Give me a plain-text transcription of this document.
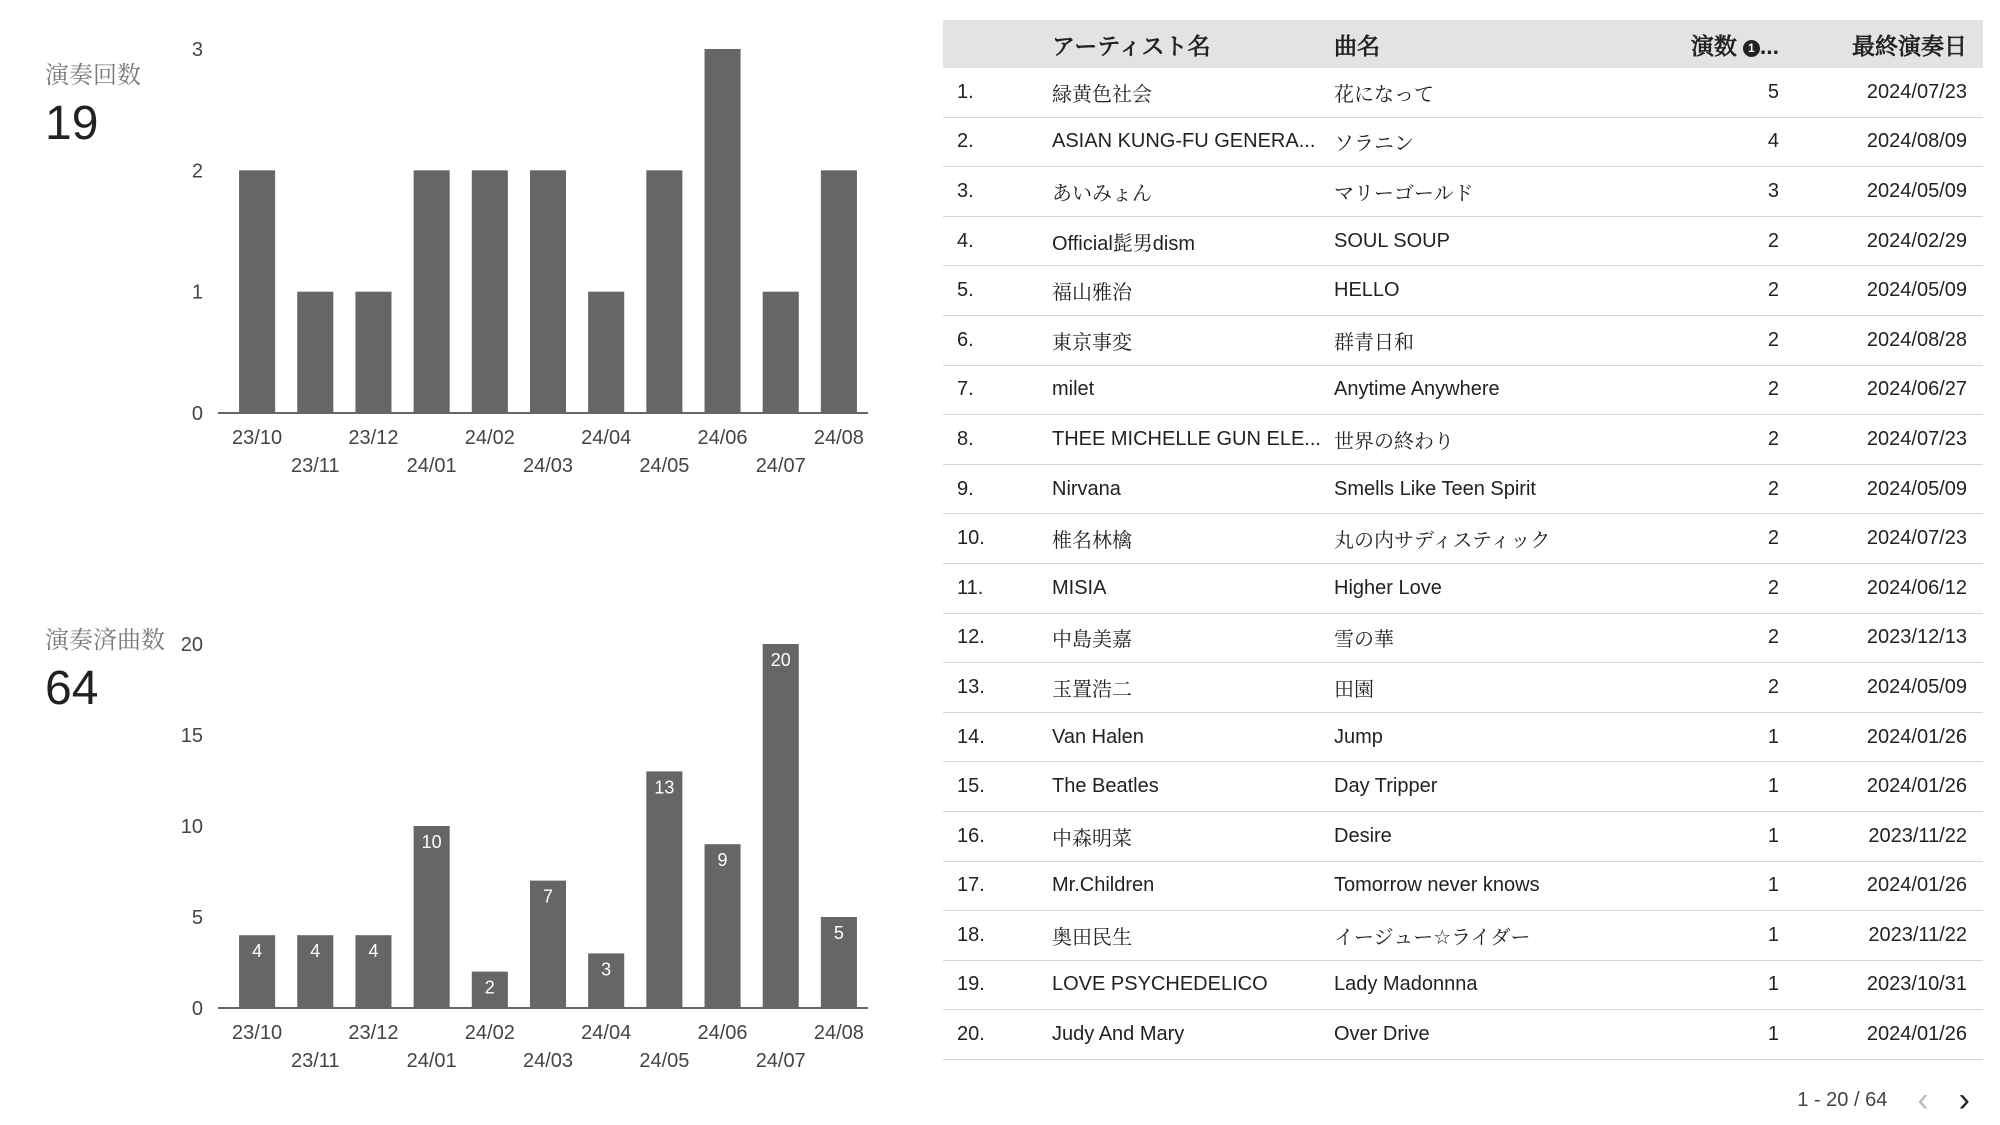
演奏回数
19
0
1
2
3
23/10
23/11
23/12
24/01
24/02
24/03
24/04
24/05
24/06
24/07
24/08
演奏済曲数
64
0
5
10
15
20
4
23/10
4
23/11
4
23/12
10
24/01
2
24/02
7
24/03
3
24/04
13
24/05
9
24/06
20
24/07
5
24/08
	アーティスト名	曲名	演数 1 ...	最終演奏日
1.	緑黄色社会	花になって	5	2024/07/23
2.	ASIAN KUNG-FU GENERA...	ソラニン	4	2024/08/09
3.	あいみょん	マリーゴールド	3	2024/05/09
4.	Official髭男dism	SOUL SOUP	2	2024/02/29
5.	福山雅治	HELLO	2	2024/05/09
6.	東京事変	群青日和	2	2024/08/28
7.	milet	Anytime Anywhere	2	2024/06/27
8.	THEE MICHELLE GUN ELE...	世界の終わり	2	2024/07/23
9.	Nirvana	Smells Like Teen Spirit	2	2024/05/09
10.	椎名林檎	丸の内サディスティック	2	2024/07/23
11.	MISIA	Higher Love	2	2024/06/12
12.	中島美嘉	雪の華	2	2023/12/13
13.	玉置浩二	田園	2	2024/05/09
14.	Van Halen	Jump	1	2024/01/26
15.	The Beatles	Day Tripper	1	2024/01/26
16.	中森明菜	Desire	1	2023/11/22
17.	Mr.Children	Tomorrow never knows	1	2024/01/26
18.	奥田民生	イージュー☆ライダー	1	2023/11/22
19.	LOVE PSYCHEDELICO	Lady Madonnna	1	2023/10/31
20.	Judy And Mary	Over Drive	1	2024/01/26
1 - 20 / 64 ‹ ›
